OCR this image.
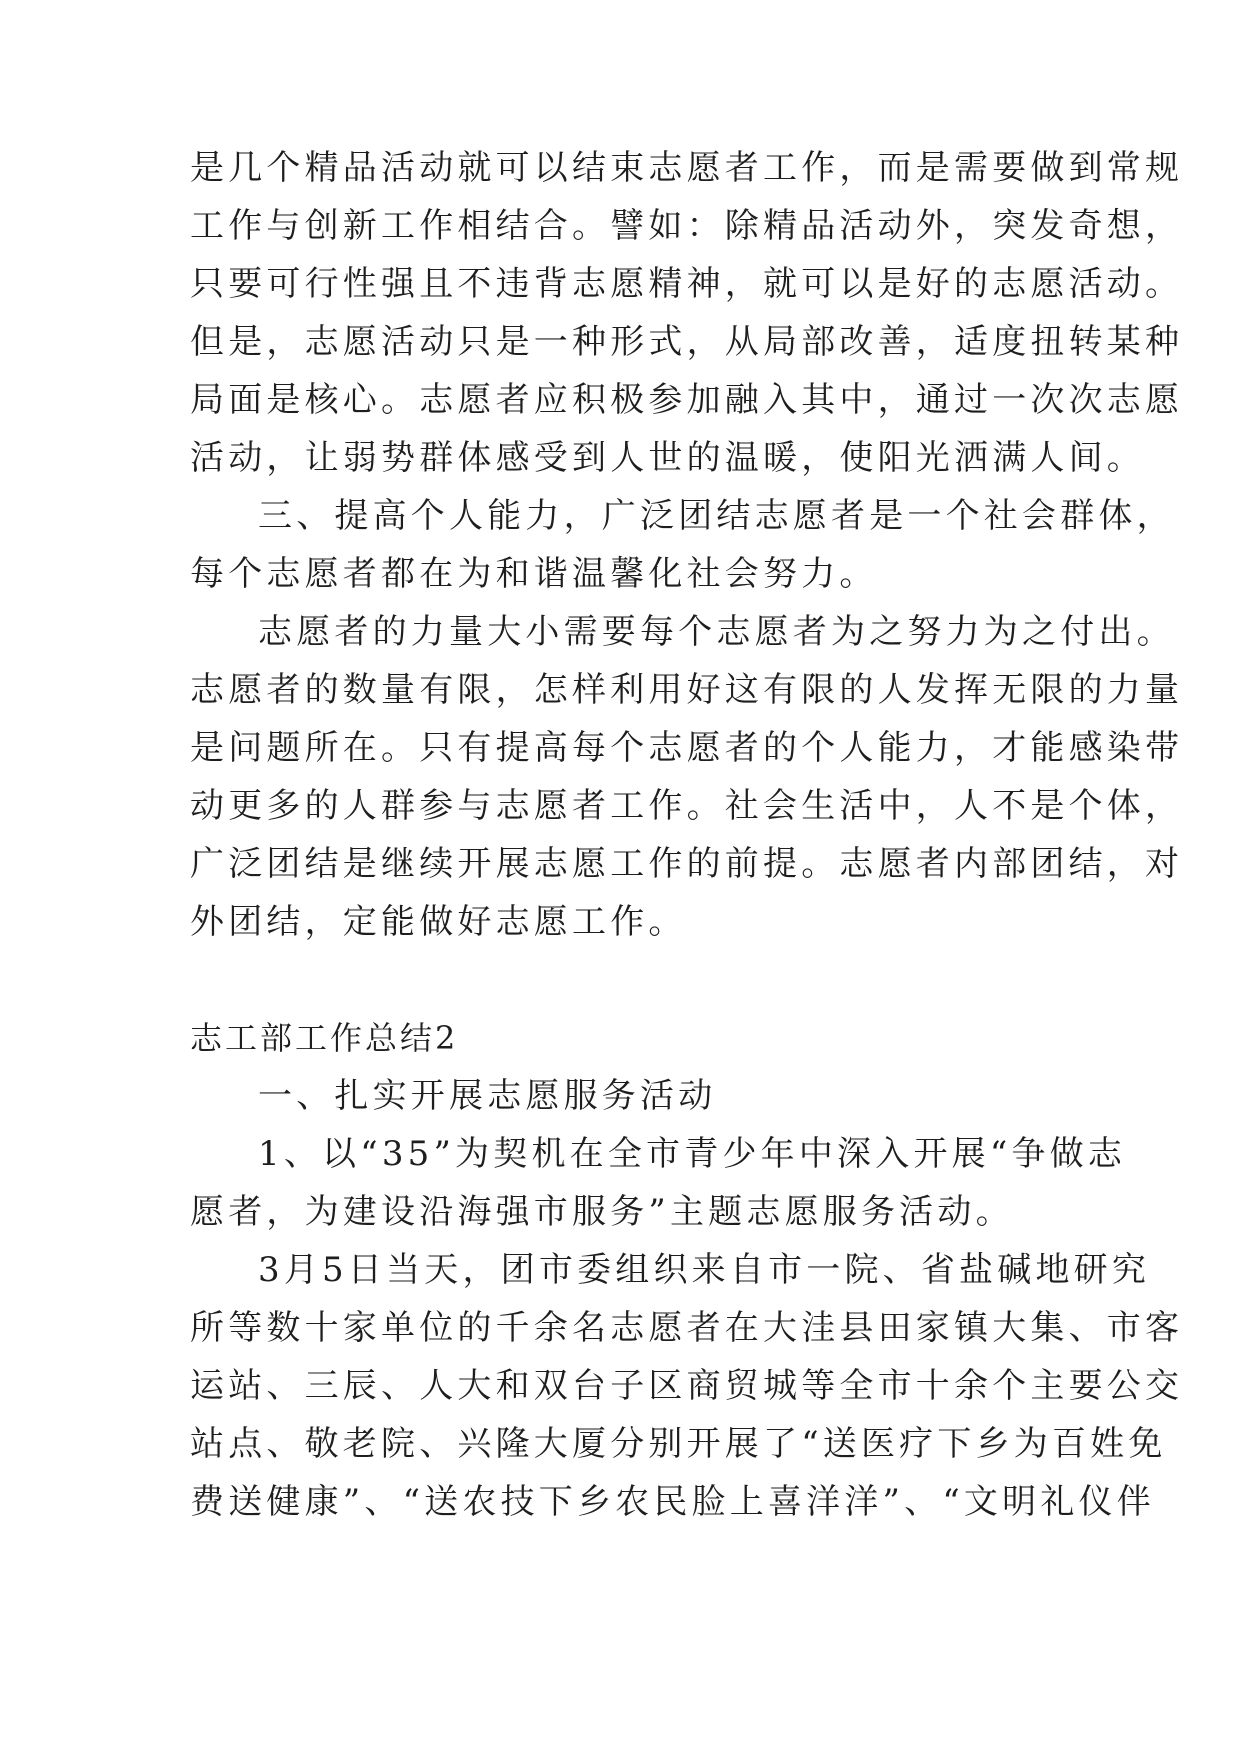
是几个精品活动就可以结束志愿者工作，而是需要做到常规

工作与创新工作相结合。譬如：除精品活动外，突发奇想，

只要可行性强且不违背志愿精神，就可以是好的志愿活动。

但是，志愿活动只是一种形式，从局部改善，适度扭转某种

局面是核心。志愿者应积极参加融入其中，通过一次次志愿

活动，让弱势群体感受到人世的温暖，使阳光洒满人间。

三、提高个人能力，广泛团结志愿者是一个社会群体，

每个志愿者都在为和谐温馨化社会努力。

志愿者的力量大小需要每个志愿者为之努力为之付出。

志愿者的数量有限，怎样利用好这有限的人发挥无限的力量

是问题所在。只有提高每个志愿者的个人能力，才能感染带

动更多的人群参与志愿者工作。社会生活中，人不是个体，

广泛团结是继续开展志愿工作的前提。志愿者内部团结，对

外团结，定能做好志愿工作。

志工部工作总结2

一、扎实开展志愿服务活动

1、以“35”为契机在全市青少年中深入开展“争做志

愿者，为建设沿海强市服务”主题志愿服务活动。

3月5日当天，团市委组织来自市一院、省盐碱地研究

所等数十家单位的千余名志愿者在大洼县田家镇大集、市客

运站、三辰、人大和双台子区商贸城等全市十余个主要公交

站点、敬老院、兴隆大厦分别开展了“送医疗下乡为百姓免

费送健康”、“送农技下乡农民脸上喜洋洋”、“文明礼仪伴
